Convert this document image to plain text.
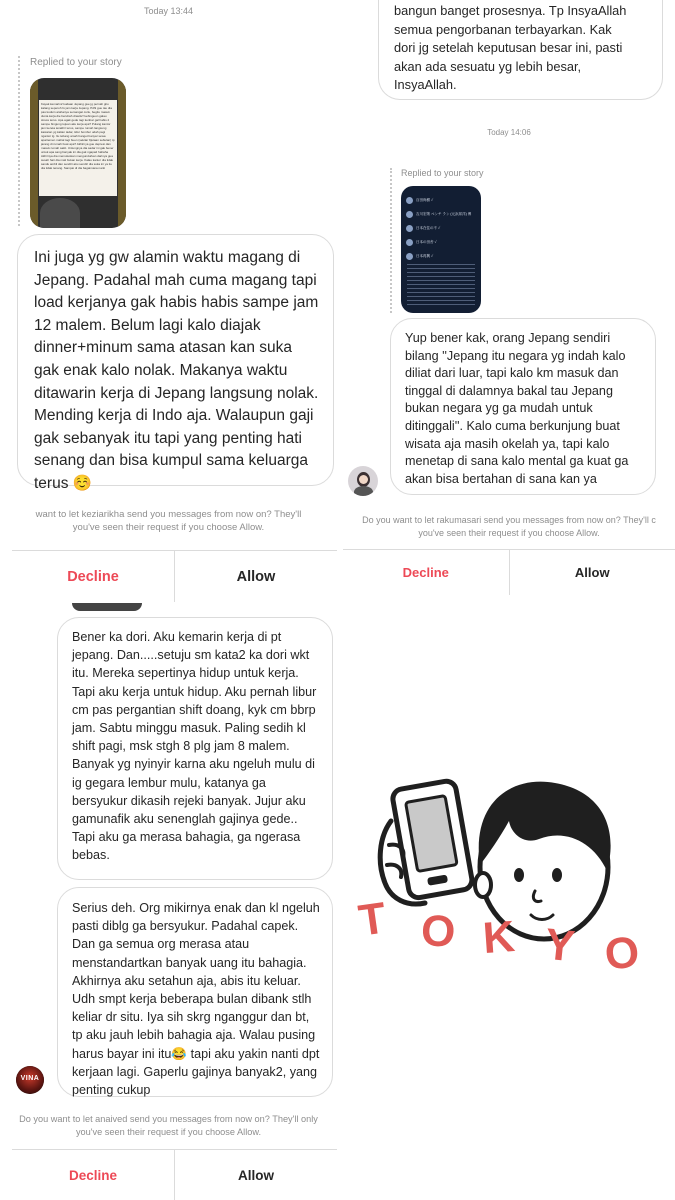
Today 13:44
Replied to your story
Kayak kemarin2 kudaan Jepang gue jg pernah gitu kalang seperoh fu jam kerja Jepang. Pdhl gue tau dia pas kuduin arahanya semangat curiu, begitu masuk dunia kerja die berubah drastis!! kebingeun galau stress terus. Apa agak gede tagi kenbar gal habis 2 sampe bingung tujuan aku kerja apa? Pulang kantor jam kereta terakhir terus, sampe rumah langsung kasiaran yg kalian tadar, tidur bombur udah pagi ngantor lg. Itu tebang amah banget banyar sewa apartemen mahal tagi buen (sekitar 9jutaan sebulan) tp jarang di rumah buat apa? Akhirnya gue depresi dan masuk rumah sakit. Untungnya dia sadar ini gak bener untuk apa sang banyak ini dia gak ngapa2 hahaha Akhirnya dia memutuskan mengundurkan darinya gua susah hari dia mati bukan kerja. Kalau kantor dia tidak sandu ambil dan sendiri aku sendiri dia suka ini ya itu dia tidak tenang. Sampai di dia bagaimana nanti

Ini juga yg gw alamin waktu magang di Jepang. Padahal mah cuma magang tapi load kerjanya gak habis habis sampe jam 12 malem. Belum lagi kalo diajak dinner+minum sama atasan kan suka gak enak kalo nolak. Makanya waktu ditawarin kerja di Jepang langsung nolak. Mending kerja di Indo aja. Walaupun gaji gak sebanyak itu tapi yang penting hati senang dan bisa kumpul sama keluarga terus ☺️

want to let keziarikha send you messages from now on? They'll
you've seen their request if you choose Allow.
Decline	Allow

bangun banget prosesnya. Tp InsyaAllah
semua pengorbanan terbayarkan. Kak
dori jg setelah keputusan besar ini, pasti
akan ada sesuatu yg lebih besar,
InsyaAllah.

Today 14:06
Replied to your story
百田尚樹 ✓
吉川宏則 ベンチ ラン (元浜邦洋) 博
日本在住の不 ✓
日本の田舎 ✓
日本再興 ✓

Yup bener kak, orang Jepang sendiri bilang ''Jepang itu negara yg indah kalo diliat dari luar, tapi kalo km masuk dan tinggal di dalamnya bakal tau Jepang bukan negara yg ga mudah untuk ditinggali''. Kalo cuma berkunjung buat wisata aja masih okelah ya, tapi kalo menetap di sana kalo mental ga kuat ga akan bisa bertahan di sana kan ya

Do you want to let rakumasari send you messages from now on? They'll c
you've seen their request if you choose Allow.
Decline	Allow

Bener ka dori. Aku kemarin kerja di pt jepang. Dan.....setuju sm kata2 ka dori wkt itu. Mereka sepertinya hidup untuk kerja. Tapi aku kerja untuk hidup. Aku pernah libur cm pas pergantian shift doang, kyk cm bbrp jam. Sabtu minggu masuk. Paling sedih kl shift pagi, msk stgh 8 plg jam 8 malem. Banyak yg nyinyir karna aku ngeluh mulu di ig gegara lembur mulu, katanya ga bersyukur dikasih rejeki banyak. Jujur aku gamunafik aku senenglah gajinya gede.. Tapi aku ga merasa bahagia, ga ngerasa bebas.

Serius deh. Org mikirnya enak dan kl ngeluh pasti diblg ga bersyukur. Padahal capek. Dan ga semua org merasa atau menstandartkan banyak uang itu bahagia. Akhirnya aku setahun aja, abis itu keluar. Udh smpt kerja beberapa bulan dibank stlh keliar dr situ. Iya sih skrg nganggur dan bt, tp aku jauh lebih bahagia aja. Walau pusing harus bayar ini itu😂 tapi aku yakin nanti dpt kerjaan lagi. Gaperlu gajinya banyak2, yang penting cukup

VINA
Do you want to let anaived send you messages from now on? They'll only
you've seen their request if you choose Allow.
Decline	Allow
T O K Y O
